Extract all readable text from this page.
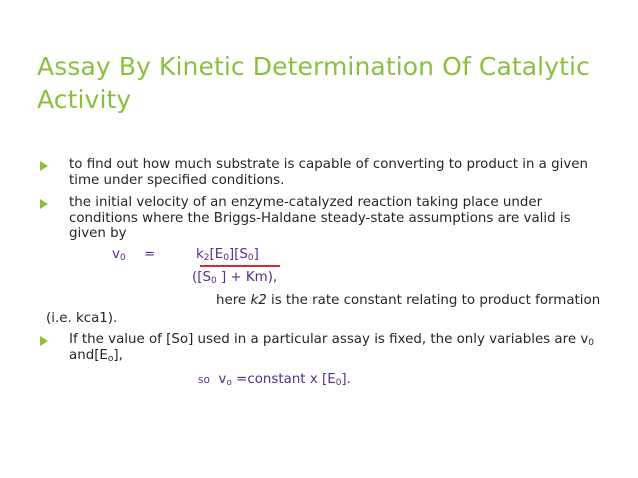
Assay By Kinetic Determination Of Catalytic Activity
to find out how much substrate is capable of converting to product in a given time under specified conditions.
the initial velocity of an enzyme-catalyzed reaction taking place under conditions where the Briggs-Haldane steady-state assumptions are valid is given by
$v_0$ =	$k_2[E_0][S_0]$
([$S_0$ ] + Km),
here k2 is the rate constant relating to product formation
(i.e. kca1).
If the value of [So] used in a particular assay is fixed, the only variables are $v_0$
$and[E_o]$,
so $v_o$ =constant x $[E_0]$.
